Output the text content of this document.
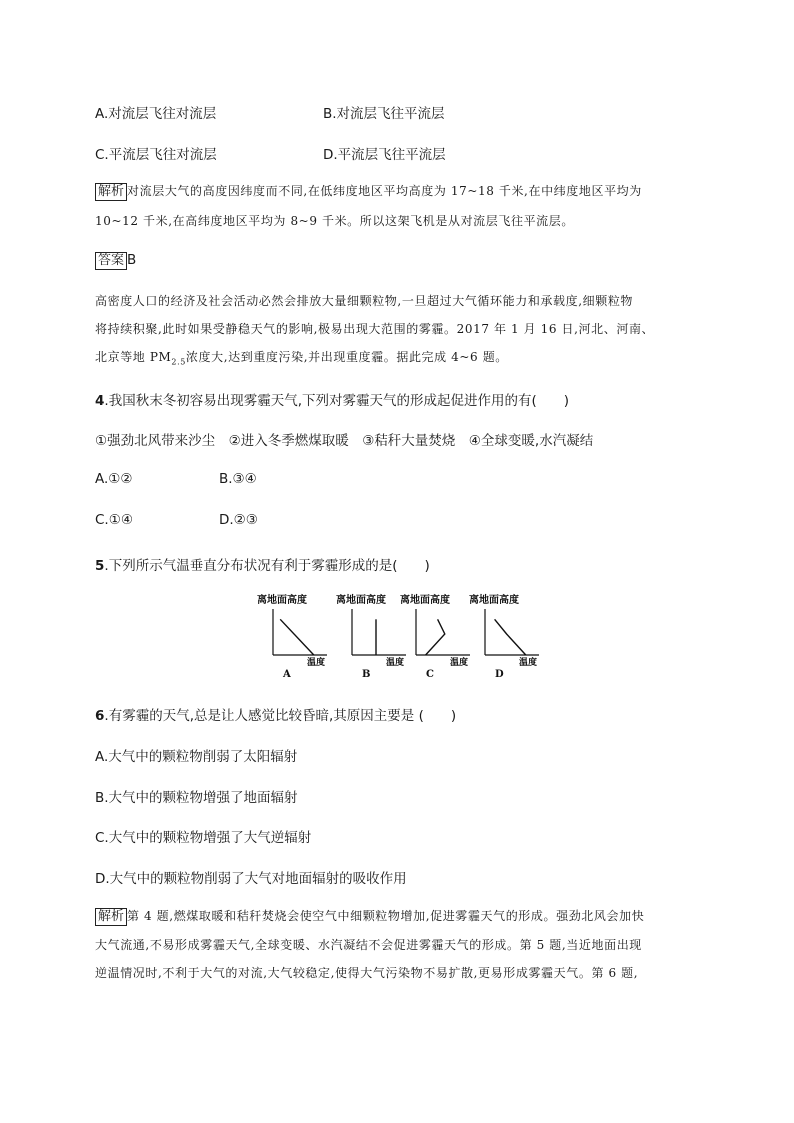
A.对流层飞往对流层	B.对流层飞往平流层
C.平流层飞往对流层	D.平流层飞往平流层
解析 对流层大气的高度因纬度而不同,在低纬度地区平均高度为 17~18 千米,在中纬度地区平均为
10~12 千米,在高纬度地区平均为 8~9 千米。所以这架飞机是从对流层飞往平流层。
答案 B
高密度人口的经济及社会活动必然会排放大量细颗粒物,一旦超过大气循环能力和承载度,细颗粒物
将持续积聚,此时如果受静稳天气的影响,极易出现大范围的雾霾。2017 年 1 月 16 日,河北、河南、
北京等地 $PM_{2.5}$浓度大,达到重度污染,并出现重度霾。据此完成 4~6 题。
4.我国秋末冬初容易出现雾霾天气,下列对雾霾天气的形成起促进作用的有(　　)
①强劲北风带来沙尘　②进入冬季燃煤取暖　③秸秆大量焚烧　④全球变暖,水汽凝结
A.①②	B.③④
C.①④	D.②③
5.下列所示气温垂直分布状况有利于雾霾形成的是(　　)
离地面高度
温度
A
离地面高度
温度
B
离地面高度
温度
C
离地面高度
温度
D
6.有雾霾的天气,总是让人感觉比较昏暗,其原因主要是 (　　)
A.大气中的颗粒物削弱了太阳辐射
B.大气中的颗粒物增强了地面辐射
C.大气中的颗粒物增强了大气逆辐射
D.大气中的颗粒物削弱了大气对地面辐射的吸收作用
解析 第 4 题,燃煤取暖和秸秆焚烧会使空气中细颗粒物增加,促进雾霾天气的形成。强劲北风会加快
大气流通,不易形成雾霾天气,全球变暖、水汽凝结不会促进雾霾天气的形成。第 5 题,当近地面出现
逆温情况时,不利于大气的对流,大气较稳定,使得大气污染物不易扩散,更易形成雾霾天气。第 6 题,
